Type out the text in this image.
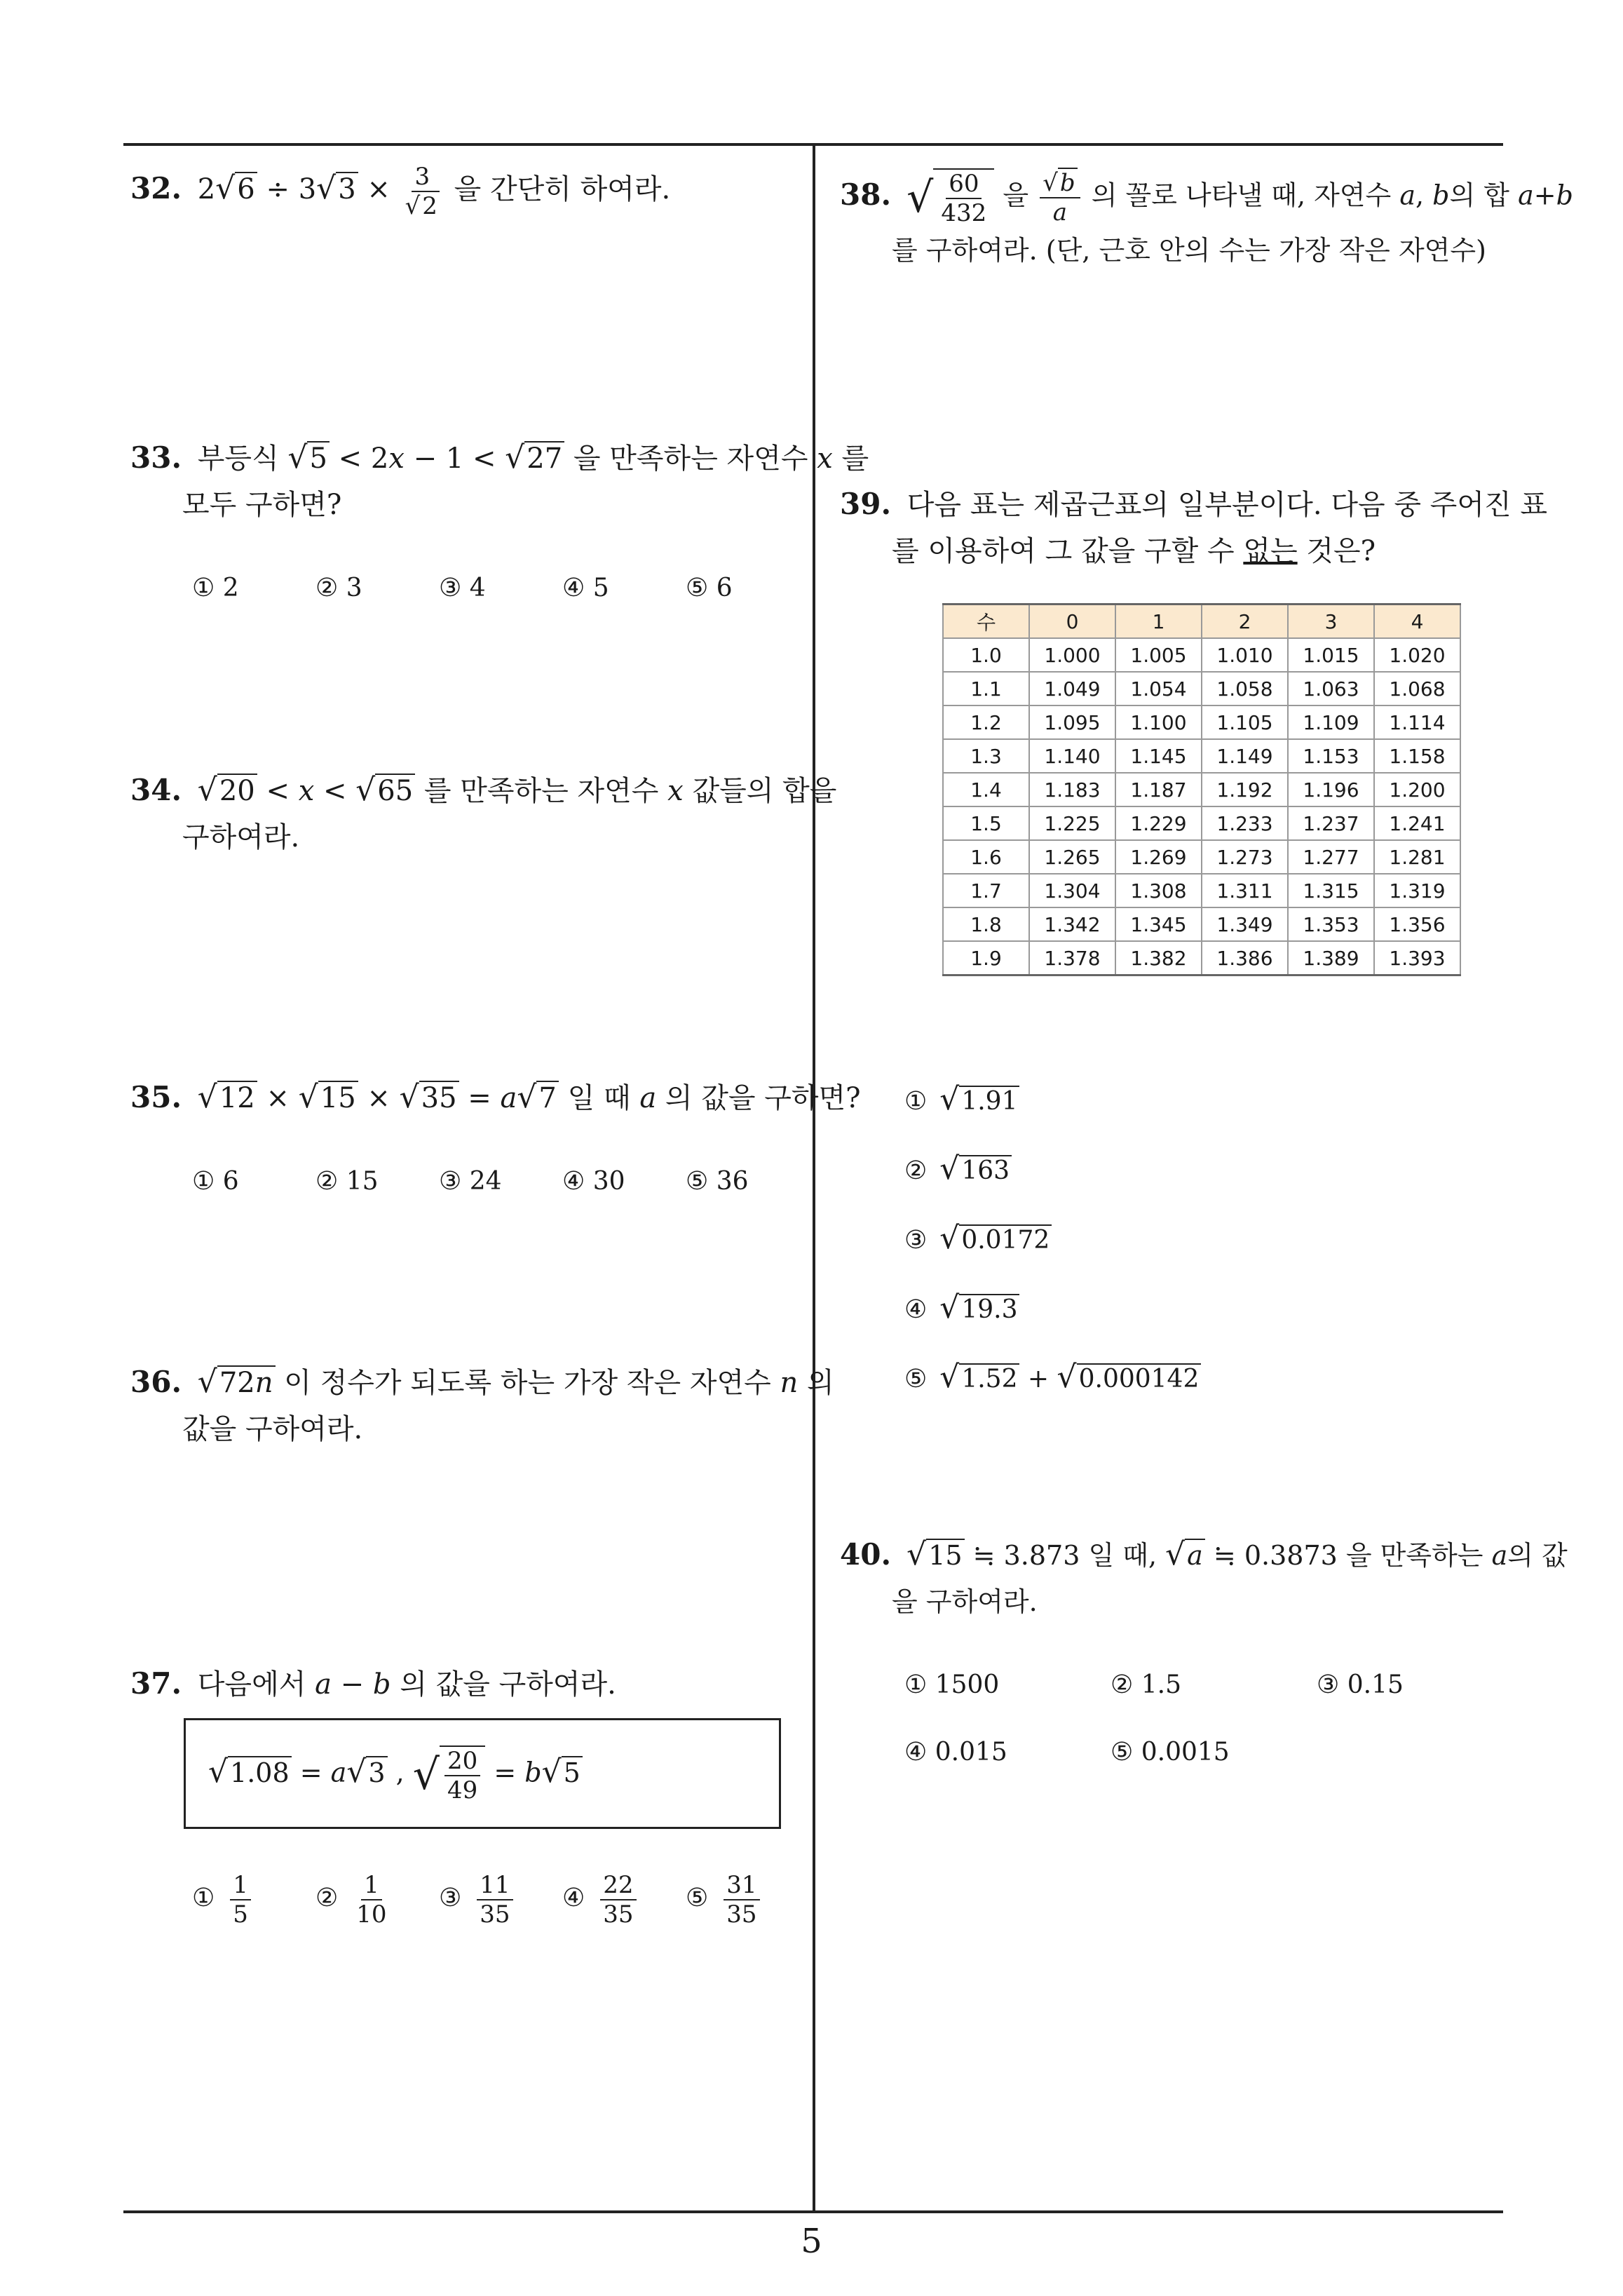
5
32. $2√6 \div 3√3 \times \frac{3}{√2}$ 을 간단히 하여라.
33. 부등식 √5 < 2x − 1 < √27 을 만족하는 자연수 x 를
모두 구하면?
① 2	② 3	③ 4	④ 5	⑤ 6
34. √20 < x < √65 를 만족하는 자연수 x 값들의 합을
구하여라.
35. √12 × √15 × √35 = a√7 일 때 a 의 값을 구하면?
① 6	② 15 ③ 24 ④ 30 ⑤ 36
36. √72n 이 정수가 되도록 하는 가장 작은 자연수 n 의
값을 구하여라.
37. 다음에서 a − b 의 값을 구하여라.
√1.08 = a√3 , √ $\frac{20}{49} = b√5$
① $\frac{1}{5}$	② $\frac{1}{10}$ ③ $\frac{11}{35}$ ④ $\frac{22}{35}$ ⑤ $\frac{31}{35}$
38. √ $\frac{60}{432}$ 을 $\frac{√b}{a}$ 의 꼴로 나타낼 때, 자연수 a, b의 합 a+b
를 구하여라. (단, 근호 안의 수는 가장 작은 자연수)
39. 다음 표는 제곱근표의 일부분이다. 다음 중 주어진 표
를 이용하여 그 값을 구할 수 없는 것은?
수	0	1	2	3	4
1.0	1.000	1.005	1.010	1.015	1.020
1.1	1.049	1.054	1.058	1.063	1.068
1.2	1.095	1.100	1.105	1.109	1.114
1.3	1.140	1.145	1.149	1.153	1.158
1.4	1.183	1.187	1.192	1.196	1.200
1.5	1.225	1.229	1.233	1.237	1.241
1.6	1.265	1.269	1.273	1.277	1.281
1.7	1.304	1.308	1.311	1.315	1.319
1.8	1.342	1.345	1.349	1.353	1.356
1.9	1.378	1.382	1.386	1.389	1.393
① √1.91
② √163
③ √0.0172
④ √19.3
⑤ √1.52 + √0.000142
40. √15 ≒ 3.873 일 때, √a ≒ 0.3873 을 만족하는 a의 값
을 구하여라.
① 1500	② 1.5	③ 0.15
④ 0.015	⑤ 0.0015
